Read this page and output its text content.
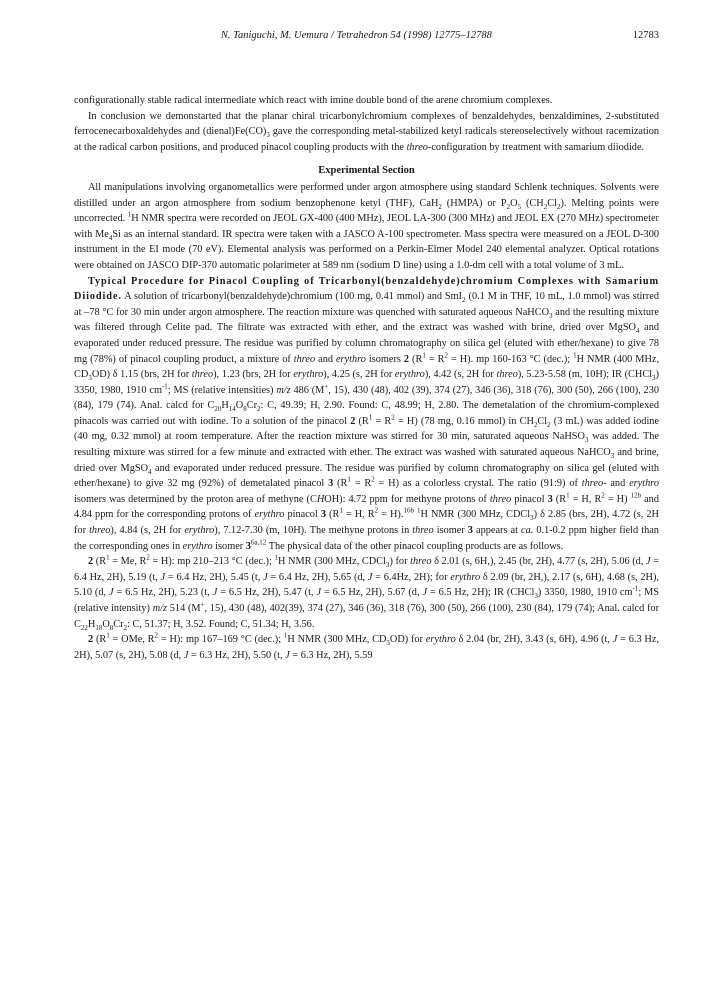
N. Taniguchi, M. Uemura / Tetrahedron 54 (1998) 12775–12788	12783

configurationally stable radical intermediate which react with imine double bond of the arene chromium complexes.

In conclusion we demonstarted that the planar chiral tricarbonylchromium complexes of benzaldehydes, benzaldimines, 2-substituted ferrocenecarboxaldehydes and $(dienal)Fe(CO)_3$ gave the corresponding metal-stabilized ketyl radicals stereoselectively without racemization at the radical carbon positions, and produced pinacol coupling products with the threo-configuration by treatment with samarium diiodide.

Experimental Section

All manipulations involving organometallics were performed under argon atmosphere using standard Schlenk techniques. Solvents were distilled under an argon atmosphere from sodium benzophenone ketyl (THF), CaH$_2$ (HMPA) or $P_2O_5$ $(CH_2Cl_2)$. Melting points were uncorrected. $^1$H NMR spectra were recorded on JEOL GX-400 (400 MHz), JEOL LA-300 (300 MHz) and JEOL EX (270 MHz) spectrometer with $Me_4Si$ as an internal standard. IR spectra were taken with a JASCO A-100 spectrometer. Mass spectra were measured on a JEOL D-300 instrument in the EI mode (70 eV). Elemental analysis was performed on a Perkin-Elmer Model 240 elemental analyzer. Optical rotations were obtained on JASCO DIP-370 automatic polarimeter at 589 nm (sodium D line) using a 1.0-dm cell with a total volume of 3 mL.

Typical Procedure for Pinacol Coupling of Tricarbonyl(benzaldehyde)chromium Complexes with Samarium Diiodide. A solution of tricarbonyl(benzaldehyde)chromium (100 mg, 0.41 mmol) and SmI$_2$ (0.1 M in THF, 10 mL, 1.0 mmol) was stirred at –78 °C for 30 min under argon atmosphere. The reaction mixture was quenched with saturated aqueous NaHCO$_3$ and the resulting mixture was filtered through Celite pad. The filtrate was extracted with ether, and the extract was washed with brine, dried over MgSO$_4$ and evaporated under reduced pressure. The residue was purified by column chromatography on silica gel (eluted with ether/hexane) to give 78 mg (78%) of pinacol coupling product, a mixture of threo and erythro isomers 2 $(R^1 = R^2 = H)$. mp 160-163 °C (dec.); $^1$H NMR (400 MHz, $CD_3OD$) δ 1.15 (brs, 2H for threo), 1.23 (brs, 2H for erythro), 4.25 (s, 2H for erythro), 4.42 (s, 2H for threo), 5.23-5.58 (m, 10H); IR (CHCl$_3$) 3350, 1980, 1910 $cm^{-1}$; MS (relative intensities) m/z 486 (M+, 15), 430 (48), 402 (39), 374 (27), 346 (36), 318 (76), 300 (50), 266 (100), 230 (84), 179 (74). Anal. calcd for $C_{20}H_{14}O_8Cr_2$: C, 49.39; H, 2.90. Found: C, 48.99; H, 2.80. The demetalation of the chromium-complexed pinacols was carried out with iodine. To a solution of the pinacol 2 $(R^1 = R^2 = H)$ (78 mg, 0.16 mmol) in $CH_2Cl_2$ (3 mL) was added iodine (40 mg, 0.32 mmol) at room temperature. After the reaction mixture was stirred for 30 min, saturated aqueous NaHSO$_3$ was added. The resulting mixture was stirred for a few minute and extracted with ether. The extract was washed with saturated aqueous NaHCO$_3$ and brine, dried over MgSO$_4$ and evaporated under reduced pressure. The residue was purified by column chromatography on silica gel (eluted with ether/hexane) to give 32 mg (92%) of demetalated pinacol 3 $(R^1 = R^2 = H)$ as a colorless crystal. The ratio (91:9) of threo- and erythro isomers was determined by the proton area of methyne (CHOH): 4.72 ppm for methyne protons of threo pinacol 3 ($R^1 = H$, $R^2 = H$) $^{12b}$ and 4.84 ppm for the corresponding protons of erythro pinacol 3 ($R^1 = H$, $R^2 = H).^{16b}$ $^1$H NMR (300 MHz, CDCl$_3$) δ 2.85 (brs, 2H), 4.72 (s, 2H for threo), 4.84 (s, 2H for erythro), 7.12-7.30 (m, 10H). The methyne protons in threo isomer 3 appears at ca. 0.1-0.2 ppm higher field than the corresponding ones in erythro isomer $3^{6a,12}$ The physical data of the other pinacol coupling products are as follows.

2 ($R^1 = Me$, $R^2 = H$): mp 210–213 °C (dec.); $^1$H NMR (300 MHz, CDCl$_3$) for threo δ 2.01 (s, 6H,), 2.45 (br, 2H), 4.77 (s, 2H), 5.06 (d, J = 6.4 Hz, 2H), 5.19 (t, J = 6.4 Hz, 2H), 5.45 (t, J = 6.4 Hz, 2H), 5.65 (d, J = 6.4Hz, 2H); for erythro δ 2.09 (br, 2H,), 2.17 (s, 6H), 4.68 (s, 2H), 5.10 (d, J = 6.5 Hz, 2H), 5.23 (t, J = 6.5 Hz, 2H), 5.47 (t, J = 6.5 Hz, 2H), 5.67 (d, J = 6.5 Hz, 2H); IR (CHCl$_3$) 3350, 1980, 1910 $cm^{-1}$; MS (relative intensity) m/z 514 (M+, 15), 430 (48), 402(39), 374 (27), 346 (36), 318 (76), 300 (50), 266 (100), 230 (84), 179 (74); Anal. calcd for $C_{22}H_{18}O_8Cr_2$: C, 51.37; H, 3.52. Found; C, 51.34; H, 3.56.

2 ($R^1$ = OMe, $R^2 = H$): mp 167–169 °C (dec.); $^1$H NMR (300 MHz, $CD_3OD$) for erythro δ 2.04 (br, 2H), 3.43 (s, 6H), 4.96 (t, J = 6.3 Hz, 2H), 5.07 (s, 2H), 5.08 (d, J = 6.3 Hz, 2H), 5.50 (t, J = 6.3 Hz, 2H), 5.59
